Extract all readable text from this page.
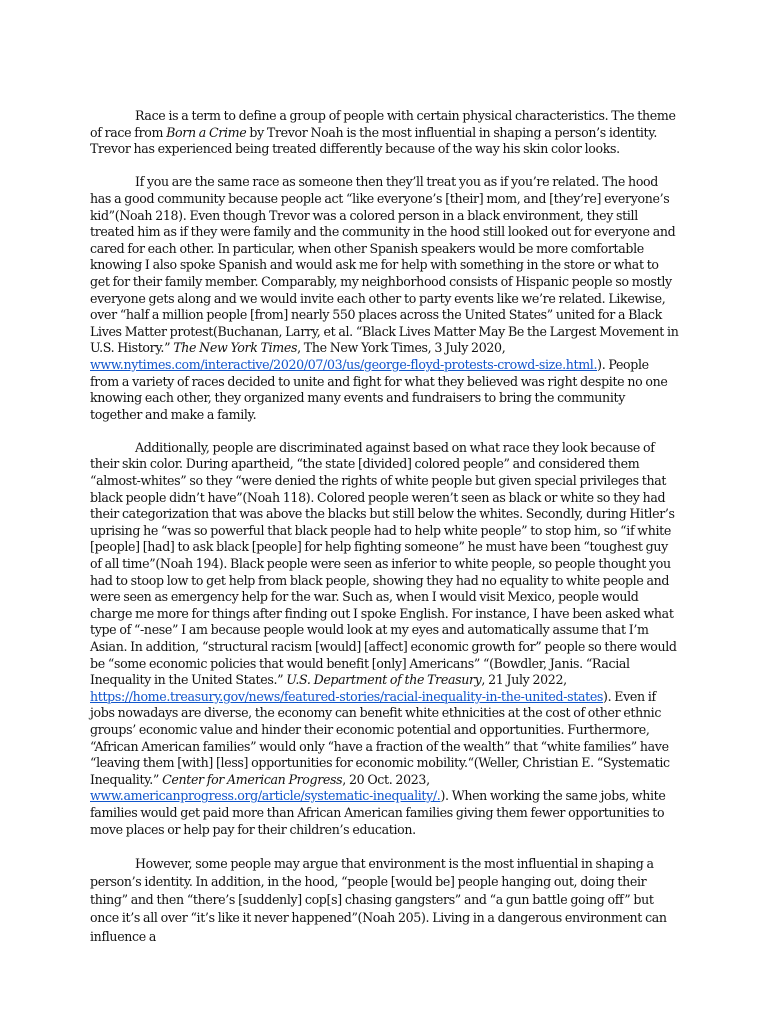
Race is a term to define a group of people with certain physical characteristics. The theme of race from Born a Crime by Trevor Noah is the most influential in shaping a person’s identity. Trevor has experienced being treated differently because of the way his skin color looks.

If you are the same race as someone then they’ll treat you as if you’re related. The hood has a good community because people act “like everyone’s [their] mom, and [they’re] everyone’s kid”(Noah 218). Even though Trevor was a colored person in a black environment, they still treated him as if they were family and the community in the hood still looked out for everyone and cared for each other. In particular, when other Spanish speakers would be more comfortable knowing I also spoke Spanish and would ask me for help with something in the store or what to get for their family member. Comparably, my neighborhood consists of Hispanic people so mostly everyone gets along and we would invite each other to party events like we’re related. Likewise, over “half a million people [from] nearly 550 places across the United States” united for a Black Lives Matter protest(Buchanan, Larry, et al. “Black Lives Matter May Be the Largest Movement in U.S. History.” The New York Times, The New York Times, 3 July 2020, www.nytimes.com/interactive/2020/07/03/us/george-floyd-protests-crowd-size.html.). People from a variety of races decided to unite and fight for what they believed was right despite no one knowing each other, they organized many events and fundraisers to bring the community together and make a family.

Additionally, people are discriminated against based on what race they look because of their skin color. During apartheid, “the state [divided] colored people” and considered them “almost-whites” so they “were denied the rights of white people but given special privileges that black people didn’t have”(Noah 118). Colored people weren’t seen as black or white so they had their categorization that was above the blacks but still below the whites. Secondly, during Hitler’s uprising he “was so powerful that black people had to help white people” to stop him, so “if white [people] [had] to ask black [people] for help fighting someone” he must have been “toughest guy of all time”(Noah 194). Black people were seen as inferior to white people, so people thought you had to stoop low to get help from black people, showing they had no equality to white people and were seen as emergency help for the war. Such as, when I would visit Mexico, people would charge me more for things after finding out I spoke English. For instance, I have been asked what type of “-nese” I am because people would look at my eyes and automatically assume that I’m Asian. In addition, “structural racism [would] [affect] economic growth for” people so there would be “some economic policies that would benefit [only] Americans” “(Bowdler, Janis. “Racial Inequality in the United States.” U.S. Department of the Treasury, 21 July 2022, https://home.treasury.gov/news/featured-stories/racial-inequality-in-the-united-states). Even if jobs nowadays are diverse, the economy can benefit white ethnicities at the cost of other ethnic groups’ economic value and hinder their economic potential and opportunities. Furthermore, “African American families” would only “have a fraction of the wealth” that “white families” have “leaving them [with] [less] opportunities for economic mobility.“(Weller, Christian E. “Systematic Inequality.” Center for American Progress, 20 Oct. 2023, www.americanprogress.org/article/systematic-inequality/.). When working the same jobs, white families would get paid more than African American families giving them fewer opportunities to move places or help pay for their children’s education.

However, some people may argue that environment is the most influential in shaping a person’s identity. In addition, in the hood, “people [would be] people hanging out, doing their thing” and then “there’s [suddenly] cop[s] chasing gangsters” and “a gun battle going off” but once it’s all over “it’s like it never happened”(Noah 205). Living in a dangerous environment can influence a
